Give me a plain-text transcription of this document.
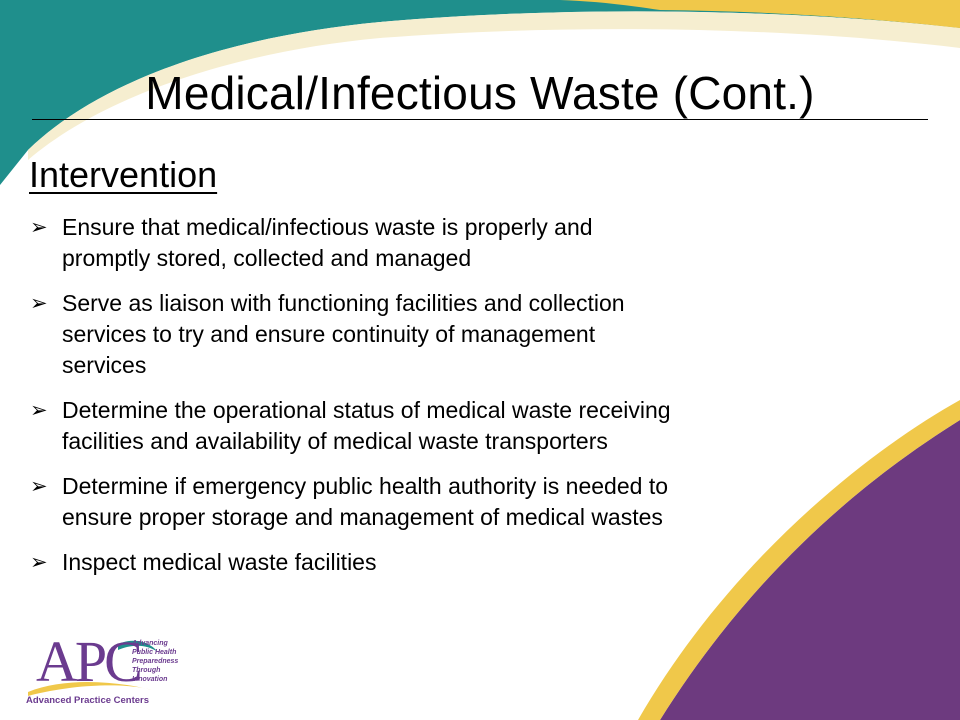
Medical/Infectious Waste (Cont.)
Intervention
➢ Ensure that medical/infectious waste is properly and
promptly stored, collected and managed
➢ Serve as liaison with functioning facilities and collection
services to try and ensure continuity of management
services
➢ Determine the operational status of medical waste receiving
facilities and availability of medical waste transporters
➢ Determine if emergency public health authority is needed to
ensure proper storage and management of medical wastes
➢ Inspect medical waste facilities
APC
Advancing
Public Health
Preparedness
Through
Innovation
Advanced Practice Centers
